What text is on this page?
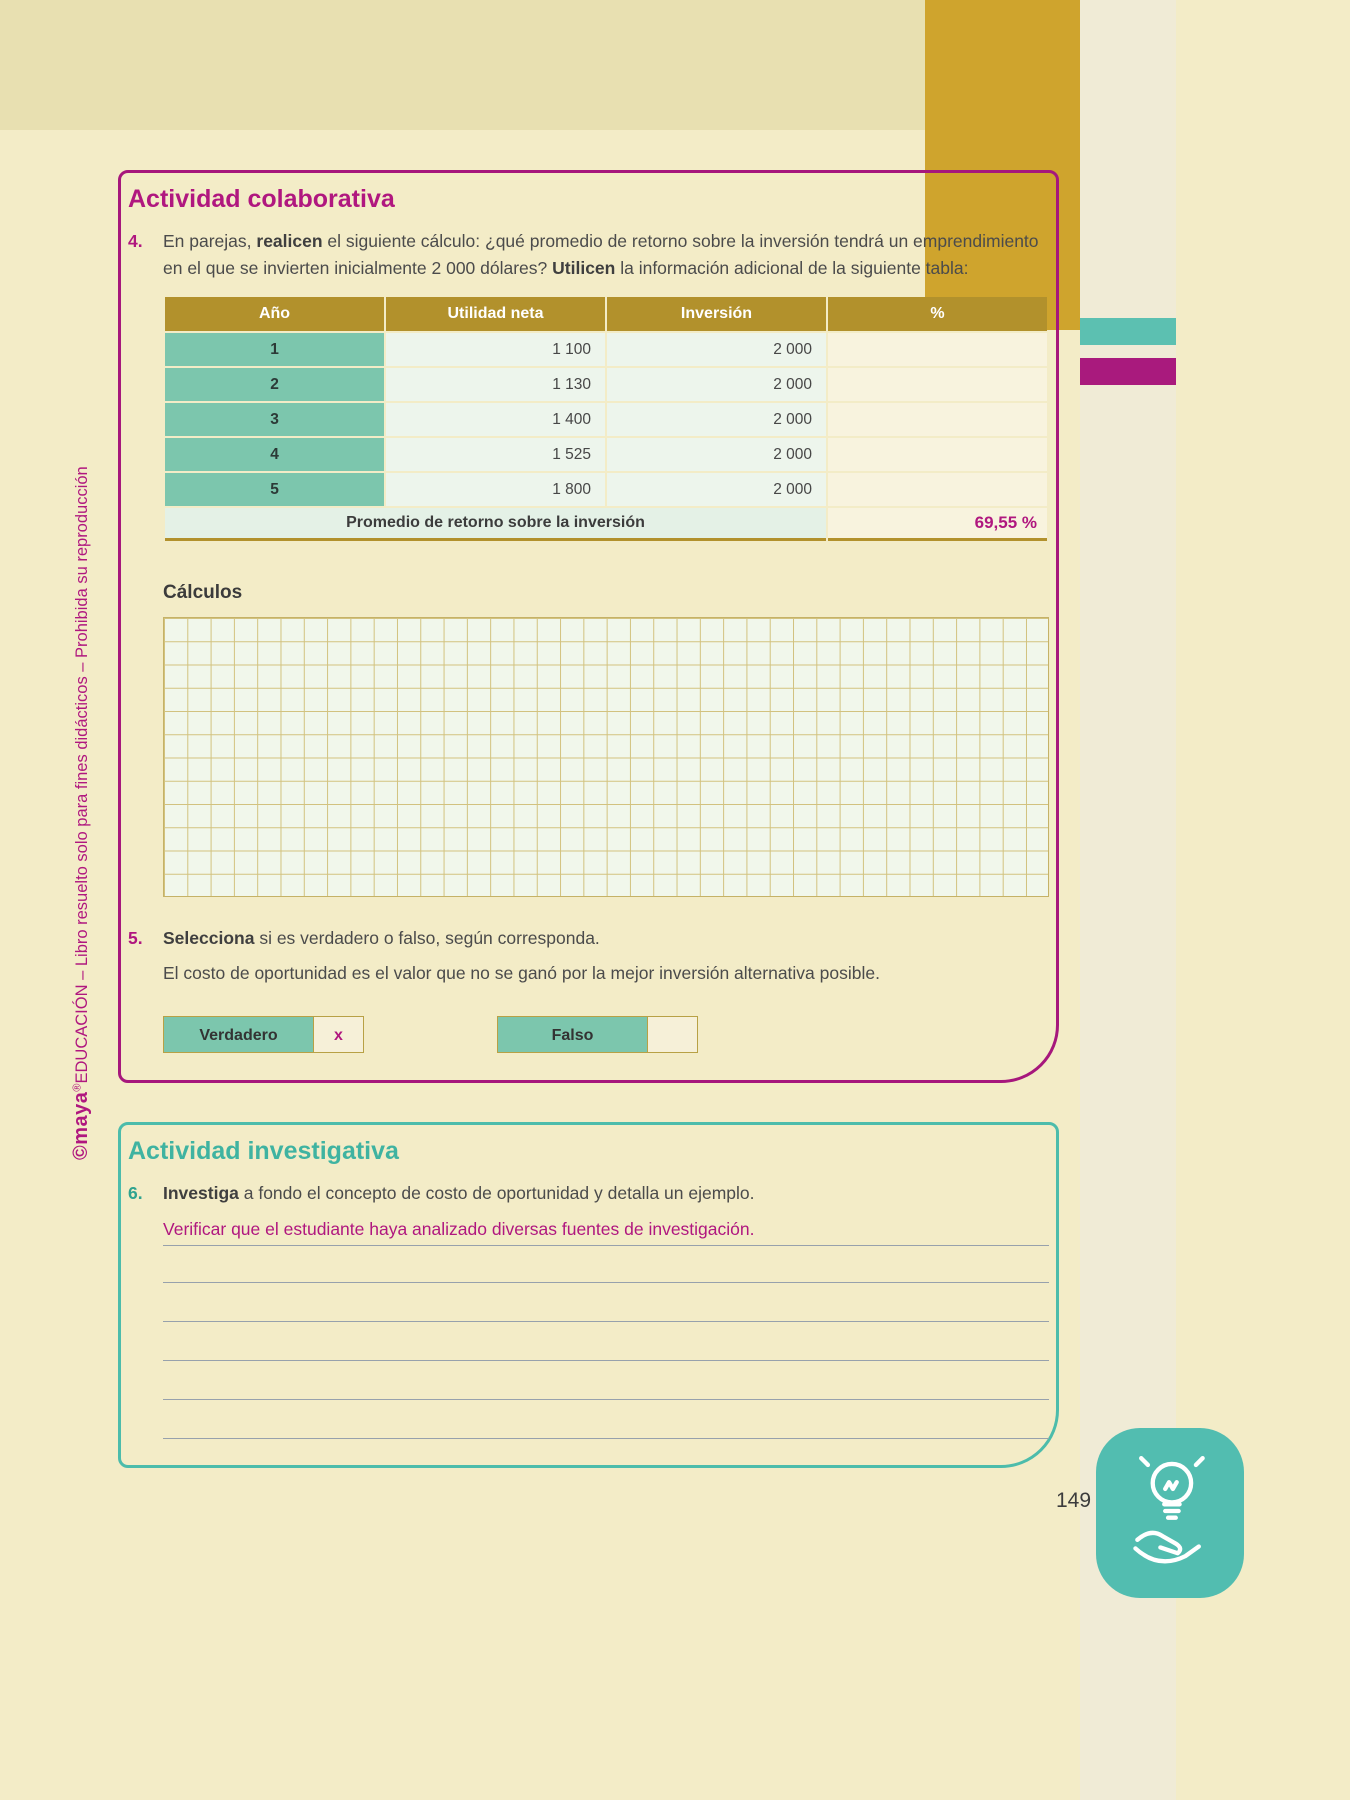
©maya®EDUCACIÓN – Libro resuelto solo para fines didácticos – Prohibida su reproducción
Actividad colaborativa
4.	En parejas, realicen el siguiente cálculo: ¿qué promedio de retorno sobre la inversión tendrá un emprendimiento en el que se invierten inicialmente 2 000 dólares? Utilicen la información adicional de la siguiente tabla:
Año	Utilidad neta	Inversión	%
1	1 100	2 000	
2	1 130	2 000	
3	1 400	2 000	
4	1 525	2 000	
5	1 800	2 000	
Promedio de retorno sobre la inversión			69,55 %
Cálculos
5.	Selecciona si es verdadero o falso, según corresponda.
El costo de oportunidad es el valor que no se ganó por la mejor inversión alternativa posible.
Verdadero	x	Falso
Actividad investigativa
6.	Investiga a fondo el concepto de costo de oportunidad y detalla un ejemplo.
Verificar que el estudiante haya analizado diversas fuentes de investigación.
149
